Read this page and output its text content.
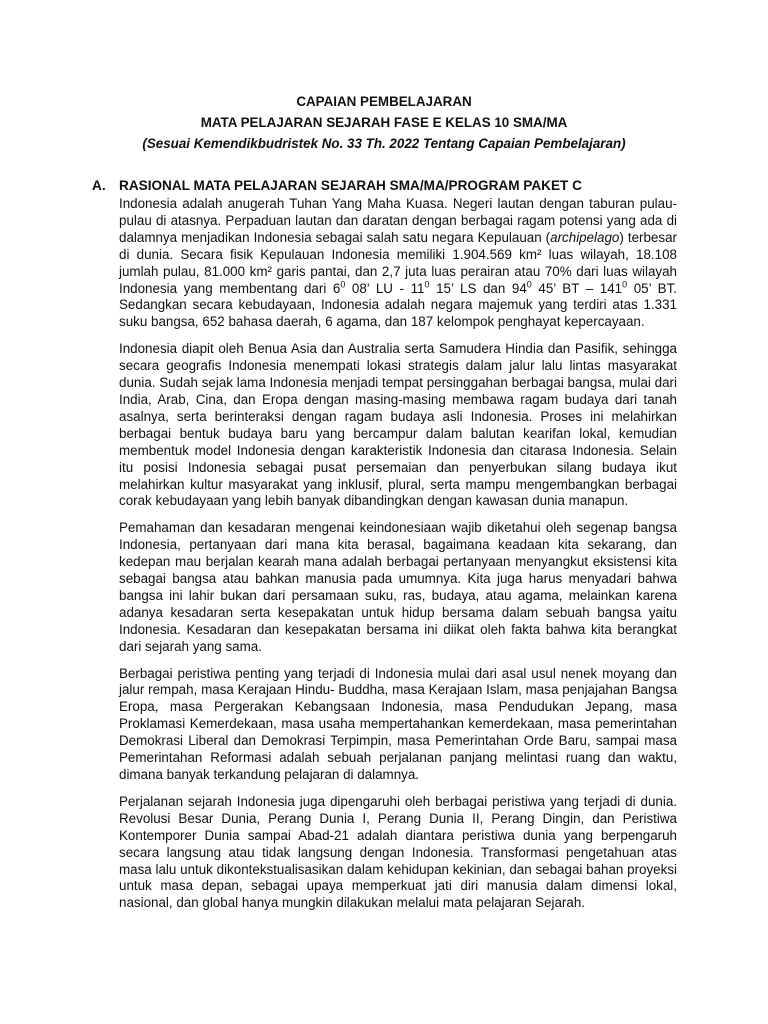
CAPAIAN PEMBELAJARAN

MATA PELAJARAN SEJARAH FASE E KELAS 10 SMA/MA

(Sesuai Kemendikbudristek No. 33 Th. 2022 Tentang Capaian Pembelajaran)

A. RASIONAL MATA PELAJARAN SEJARAH SMA/MA/PROGRAM PAKET C

Indonesia adalah anugerah Tuhan Yang Maha Kuasa. Negeri lautan dengan taburan pulau-pulau di atasnya. Perpaduan lautan dan daratan dengan berbagai ragam potensi yang ada di dalamnya menjadikan Indonesia sebagai salah satu negara Kepulauan (archipelago) terbesar di dunia. Secara fisik Kepulauan Indonesia memiliki 1.904.569 km² luas wilayah, 18.108 jumlah pulau, 81.000 km² garis pantai, dan 2,7 juta luas perairan atau 70% dari luas wilayah Indonesia yang membentang dari $6^0$ 08’ LU - $11^0$ 15’ LS dan $94^0$ 45’ BT – $141^0$ 05’ BT. Sedangkan secara kebudayaan, Indonesia adalah negara majemuk yang terdiri atas 1.331 suku bangsa, 652 bahasa daerah, 6 agama, dan 187 kelompok penghayat kepercayaan.

Indonesia diapit oleh Benua Asia dan Australia serta Samudera Hindia dan Pasifik, sehingga secara geografis Indonesia menempati lokasi strategis dalam jalur lalu lintas masyarakat dunia. Sudah sejak lama Indonesia menjadi tempat persinggahan berbagai bangsa, mulai dari India, Arab, Cina, dan Eropa dengan masing-masing membawa ragam budaya dari tanah asalnya, serta berinteraksi dengan ragam budaya asli Indonesia. Proses ini melahirkan berbagai bentuk budaya baru yang bercampur dalam balutan kearifan lokal, kemudian membentuk model Indonesia dengan karakteristik Indonesia dan citarasa Indonesia. Selain itu posisi Indonesia sebagai pusat persemaian dan penyerbukan silang budaya ikut melahirkan kultur masyarakat yang inklusif, plural, serta mampu mengembangkan berbagai corak kebudayaan yang lebih banyak dibandingkan dengan kawasan dunia manapun.

Pemahaman dan kesadaran mengenai keindonesiaan wajib diketahui oleh segenap bangsa Indonesia, pertanyaan dari mana kita berasal, bagaimana keadaan kita sekarang, dan kedepan mau berjalan kearah mana adalah berbagai pertanyaan menyangkut eksistensi kita sebagai bangsa atau bahkan manusia pada umumnya. Kita juga harus menyadari bahwa bangsa ini lahir bukan dari persamaan suku, ras, budaya, atau agama, melainkan karena adanya kesadaran serta kesepakatan untuk hidup bersama dalam sebuah bangsa yaitu Indonesia. Kesadaran dan kesepakatan bersama ini diikat oleh fakta bahwa kita berangkat dari sejarah yang sama.

Berbagai peristiwa penting yang terjadi di Indonesia mulai dari asal usul nenek moyang dan jalur rempah, masa Kerajaan Hindu- Buddha, masa Kerajaan Islam, masa penjajahan Bangsa Eropa, masa Pergerakan Kebangsaan Indonesia, masa Pendudukan Jepang, masa Proklamasi Kemerdekaan, masa usaha mempertahankan kemerdekaan, masa pemerintahan Demokrasi Liberal dan Demokrasi Terpimpin, masa Pemerintahan Orde Baru, sampai masa Pemerintahan Reformasi adalah sebuah perjalanan panjang melintasi ruang dan waktu, dimana banyak terkandung pelajaran di dalamnya.

Perjalanan sejarah Indonesia juga dipengaruhi oleh berbagai peristiwa yang terjadi di dunia. Revolusi Besar Dunia, Perang Dunia I, Perang Dunia II, Perang Dingin, dan Peristiwa Kontemporer Dunia sampai Abad-21 adalah diantara peristiwa dunia yang berpengaruh secara langsung atau tidak langsung dengan Indonesia. Transformasi pengetahuan atas masa lalu untuk dikontekstualisasikan dalam kehidupan kekinian, dan sebagai bahan proyeksi untuk masa depan, sebagai upaya memperkuat jati diri manusia dalam dimensi lokal, nasional, dan global hanya mungkin dilakukan melalui mata pelajaran Sejarah.
